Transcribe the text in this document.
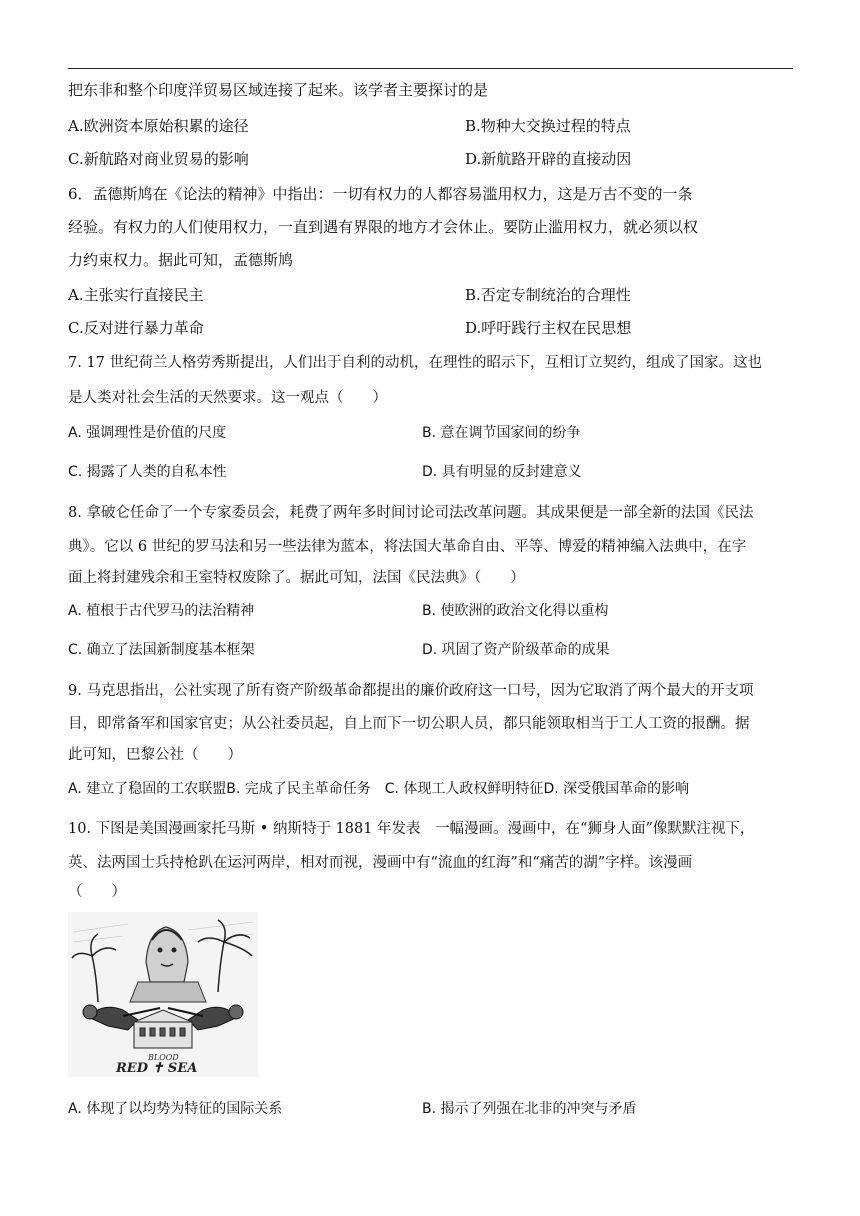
把东非和整个印度洋贸易区域连接了起来。该学者主要探讨的是
A.欧洲资本原始积累的途径	B.物种大交换过程的特点
C.新航路对商业贸易的影响	D.新航路开辟的直接动因
6．孟德斯鸠在《论法的精神》中指出：一切有权力的人都容易滥用权力，这是万古不变的一条
经验。有权力的人们使用权力，一直到遇有界限的地方才会休止。要防止滥用权力，就必须以权
力约束权力。据此可知，孟德斯鸠
A.主张实行直接民主	B.否定专制统治的合理性
C.反对进行暴力革命	D.呼吁践行主权在民思想
7. 17 世纪荷兰人格劳秀斯提出，人们出于自利的动机，在理性的昭示下，互相订立契约，组成了国家。这也
是人类对社会生活的天然要求。这一观点（　　）
A. 强调理性是价值的尺度	B. 意在调节国家间的纷争
C. 揭露了人类的自私本性	D. 具有明显的反封建意义
8. 拿破仑任命了一个专家委员会，耗费了两年多时间讨论司法改革问题。其成果便是一部全新的法国《民法
典》。它以 6 世纪的罗马法和另一些法律为蓝本，将法国大革命自由、平等、博爱的精神编入法典中，在字
面上将封建残余和王室特权废除了。据此可知，法国《民法典》（　　）
A. 植根于古代罗马的法治精神	B. 使欧洲的政治文化得以重构
C. 确立了法国新制度基本框架	D. 巩固了资产阶级革命的成果
9. 马克思指出，公社实现了所有资产阶级革命都提出的廉价政府这一口号，因为它取消了两个最大的开支项
目，即常备军和国家官吏；从公社委员起，自上而下一切公职人员，都只能领取相当于工人工资的报酬。据
此可知，巴黎公社（　　）
A. 建立了稳固的工农联盟B. 完成了民主革命任务 C. 体现工人政权鲜明特征D. 深受俄国革命的影响
10. 下图是美国漫画家托马斯 • 纳斯特于 1881 年发表　一幅漫画。漫画中，在“狮身人面”像默默注视下，
英、法两国士兵持枪趴在运河两岸，相对而视，漫画中有“流血的红海”和“痛苦的湖”字样。该漫画
（　　）
BLOOD
RED ✝ SEA
A. 体现了以均势为特征的国际关系	B. 揭示了列强在北非的冲突与矛盾
